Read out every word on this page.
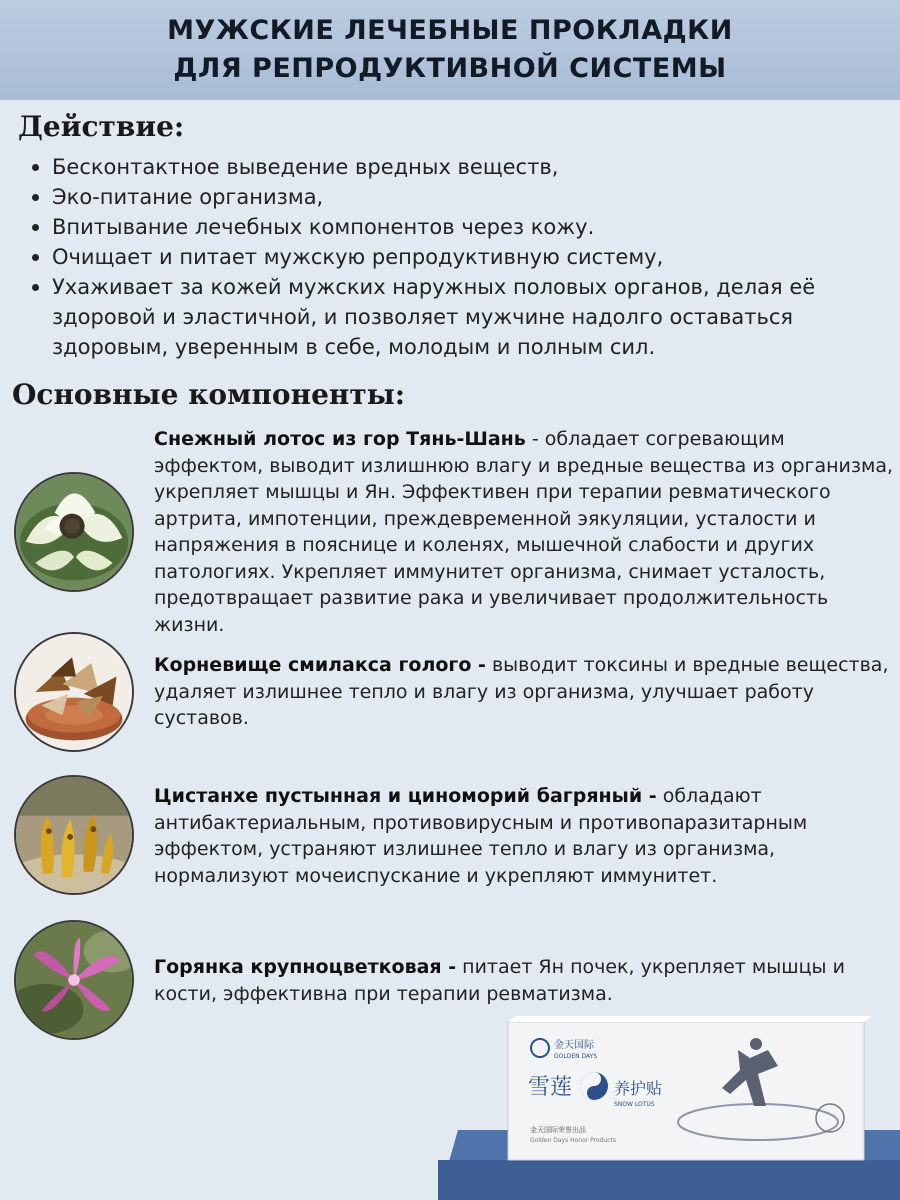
МУЖСКИЕ ЛЕЧЕБНЫЕ ПРОКЛАДКИ
ДЛЯ РЕПРОДУКТИВНОЙ СИСТЕМЫ
Действие:
Бесконтактное выведение вредных веществ,
Эко-питание организма,
Впитывание лечебных компонентов через кожу.
Очищает и питает мужскую репродуктивную систему,
Ухаживает за кожей мужских наружных половых органов, делая её здоровой и эластичной, и позволяет мужчине надолго оставаться здоровым, уверенным в себе, молодым и полным сил.
Основные компоненты:
Снежный лотос из гор Тянь-Шань - обладает согревающим эффектом, выводит излишнюю влагу и вредные вещества из организма, укрепляет мышцы и Ян. Эффективен при терапии ревматического артрита, импотенции, преждевременной эякуляции, усталости и напряжения в пояснице и коленях, мышечной слабости и других патологиях. Укрепляет иммунитет организма, снимает усталость, предотвращает развитие рака и увеличивает продолжительность жизни.
Корневище смилакса голого - выводит токсины и вредные вещества, удаляет излишнее тепло и влагу из организма, улучшает работу суставов.
Цистанхе пустынная и циноморий багряный - обладают антибактериальным, противовирусным и противопаразитарным эффектом, устраняют излишнее тепло и влагу из организма, нормализуют мочеиспускание и укрепляют иммунитет.
Горянка крупноцветковая - питает Ян почек, укрепляет мышцы и кости, эффективна при терапии ревматизма.
金天国际
GOLDEN DAYS
雪莲	养护贴
SNOW LOTUS
金天国际荣誉出品
Golden Days Honor Products
